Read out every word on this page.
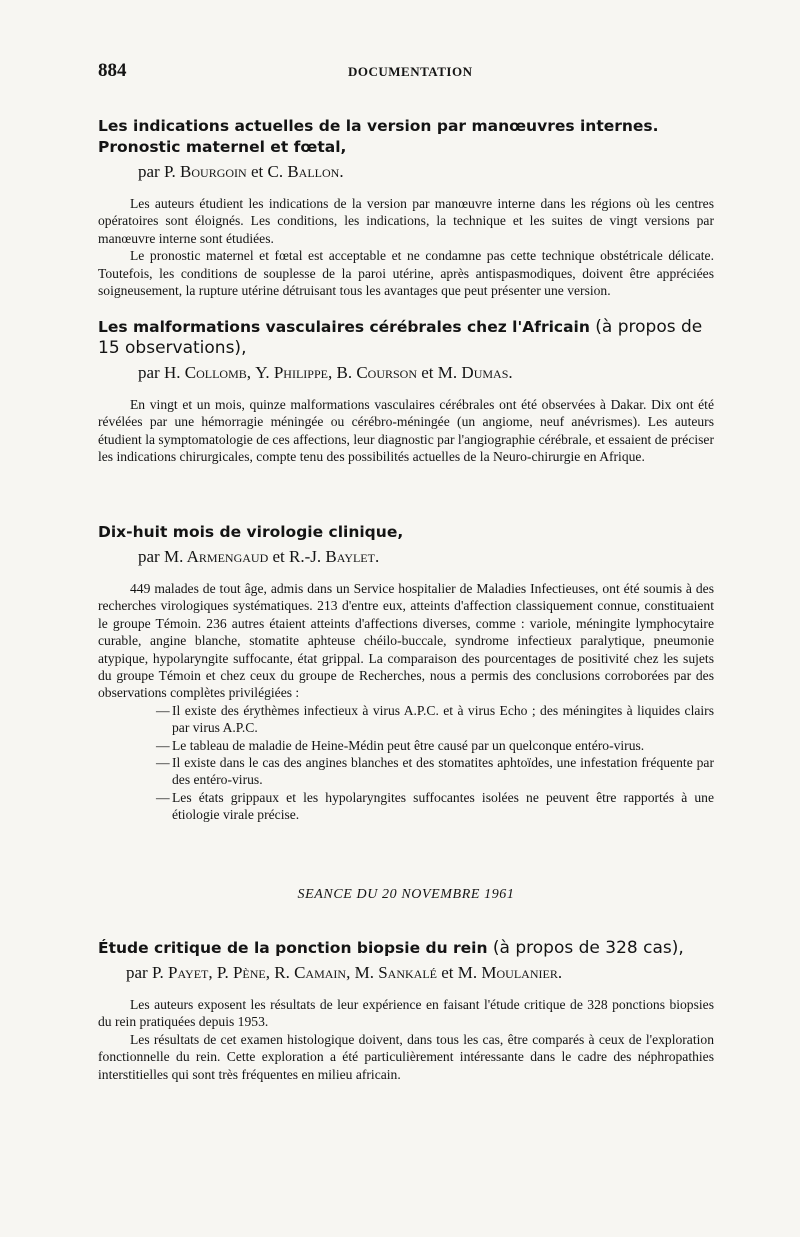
884	DOCUMENTATION

Les indications actuelles de la version par manœuvres internes. Pronostic maternel et fœtal,

par P. Bourgoin et C. Ballon.

Les auteurs étudient les indications de la version par manœuvre interne dans les régions où les centres opératoires sont éloignés. Les conditions, les indications, la technique et les suites de vingt versions par manœuvre interne sont étudiées.

Le pronostic maternel et fœtal est acceptable et ne condamne pas cette technique obstétricale délicate. Toutefois, les conditions de souplesse de la paroi utérine, après antispasmodiques, doivent être appréciées soigneusement, la rupture utérine détruisant tous les avantages que peut présenter une version.

Les malformations vasculaires cérébrales chez l'Africain (à propos de 15 observations),

par H. Collomb, Y. Philippe, B. Courson et M. Dumas.

En vingt et un mois, quinze malformations vasculaires cérébrales ont été observées à Dakar. Dix ont été révélées par une hémorragie méningée ou cérébro-méningée (un angiome, neuf anévrismes). Les auteurs étudient la symptomatologie de ces affections, leur diagnostic par l'angiographie cérébrale, et essaient de préciser les indications chirurgicales, compte tenu des possibilités actuelles de la Neuro-chirurgie en Afrique.

Dix-huit mois de virologie clinique,

par M. Armengaud et R.-J. Baylet.

449 malades de tout âge, admis dans un Service hospitalier de Maladies Infectieuses, ont été soumis à des recherches virologiques systématiques. 213 d'entre eux, atteints d'affection classiquement connue, constituaient le groupe Témoin. 236 autres étaient atteints d'affections diverses, comme : variole, méningite lymphocytaire curable, angine blanche, stomatite aphteuse chéilo-buccale, syndrome infectieux paralytique, pneumonie atypique, hypolaryngite suffocante, état grippal. La comparaison des pourcentages de positivité chez les sujets du groupe Témoin et chez ceux du groupe de Recherches, nous a permis des conclusions corroborées par des observations complètes privilégiées :

— Il existe des érythèmes infectieux à virus A.P.C. et à virus Echo ; des méningites à liquides clairs par virus A.P.C.
— Le tableau de maladie de Heine-Médin peut être causé par un quelconque entéro-virus.
— Il existe dans le cas des angines blanches et des stomatites aphtoïdes, une infestation fréquente par des entéro-virus.
— Les états grippaux et les hypolaryngites suffocantes isolées ne peuvent être rapportés à une étiologie virale précise.
SEANCE DU 20 NOVEMBRE 1961

Étude critique de la ponction biopsie du rein (à propos de 328 cas),

par P. Payet, P. Pène, R. Camain, M. Sankalé et M. Moulanier.

Les auteurs exposent les résultats de leur expérience en faisant l'étude critique de 328 ponctions biopsies du rein pratiquées depuis 1953.

Les résultats de cet examen histologique doivent, dans tous les cas, être comparés à ceux de l'exploration fonctionnelle du rein. Cette exploration a été particulièrement intéressante dans le cadre des néphropathies interstitielles qui sont très fréquentes en milieu africain.
